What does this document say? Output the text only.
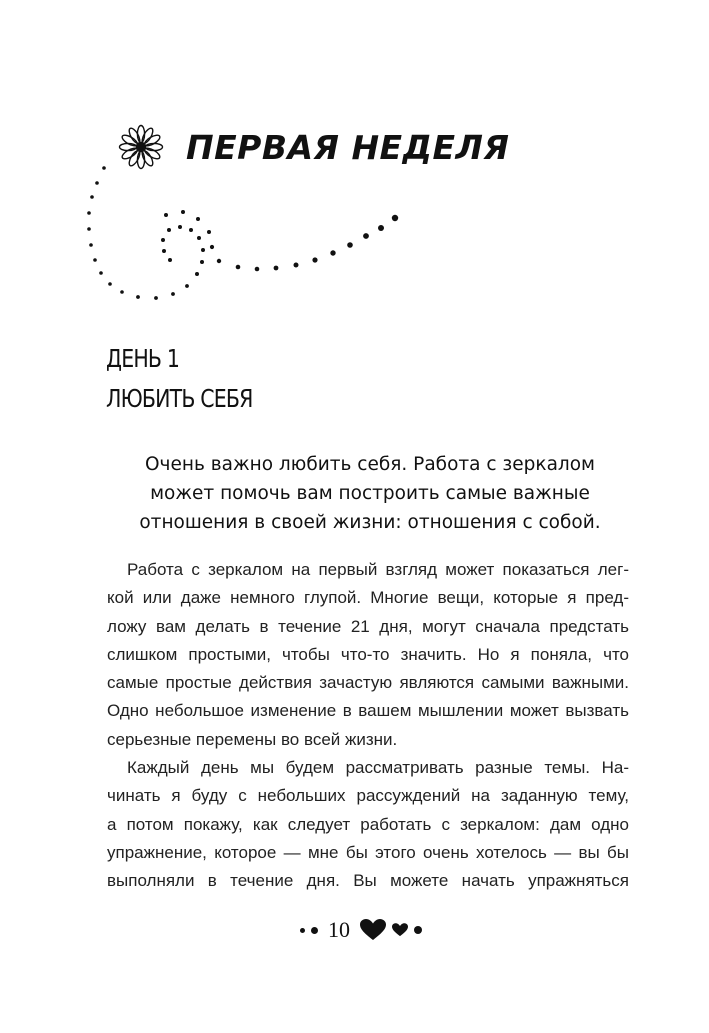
ПЕРВАЯ НЕДЕЛЯ
ДЕНЬ 1
ЛЮБИТЬ СЕБЯ
Очень важно любить себя. Работа с зеркалом
может помочь вам построить самые важные
отношения в своей жизни: отношения с собой.
Работа с зеркалом на первый взгляд может показаться лег-
кой или даже немного глупой. Многие вещи, которые я пред-
ложу вам делать в течение 21 дня, могут сначала предстать
слишком простыми, чтобы что-то значить. Но я поняла, что
самые простые действия зачастую являются самыми важными.
Одно небольшое изменение в вашем мышлении может вызвать
серьезные перемены во всей жизни.
Каждый день мы будем рассматривать разные темы. На-
чинать я буду с небольших рассуждений на заданную тему,
а потом покажу, как следует работать с зеркалом: дам одно
упражнение, которое — мне бы этого очень хотелось — вы бы
выполняли в течение дня. Вы можете начать упражняться
10
